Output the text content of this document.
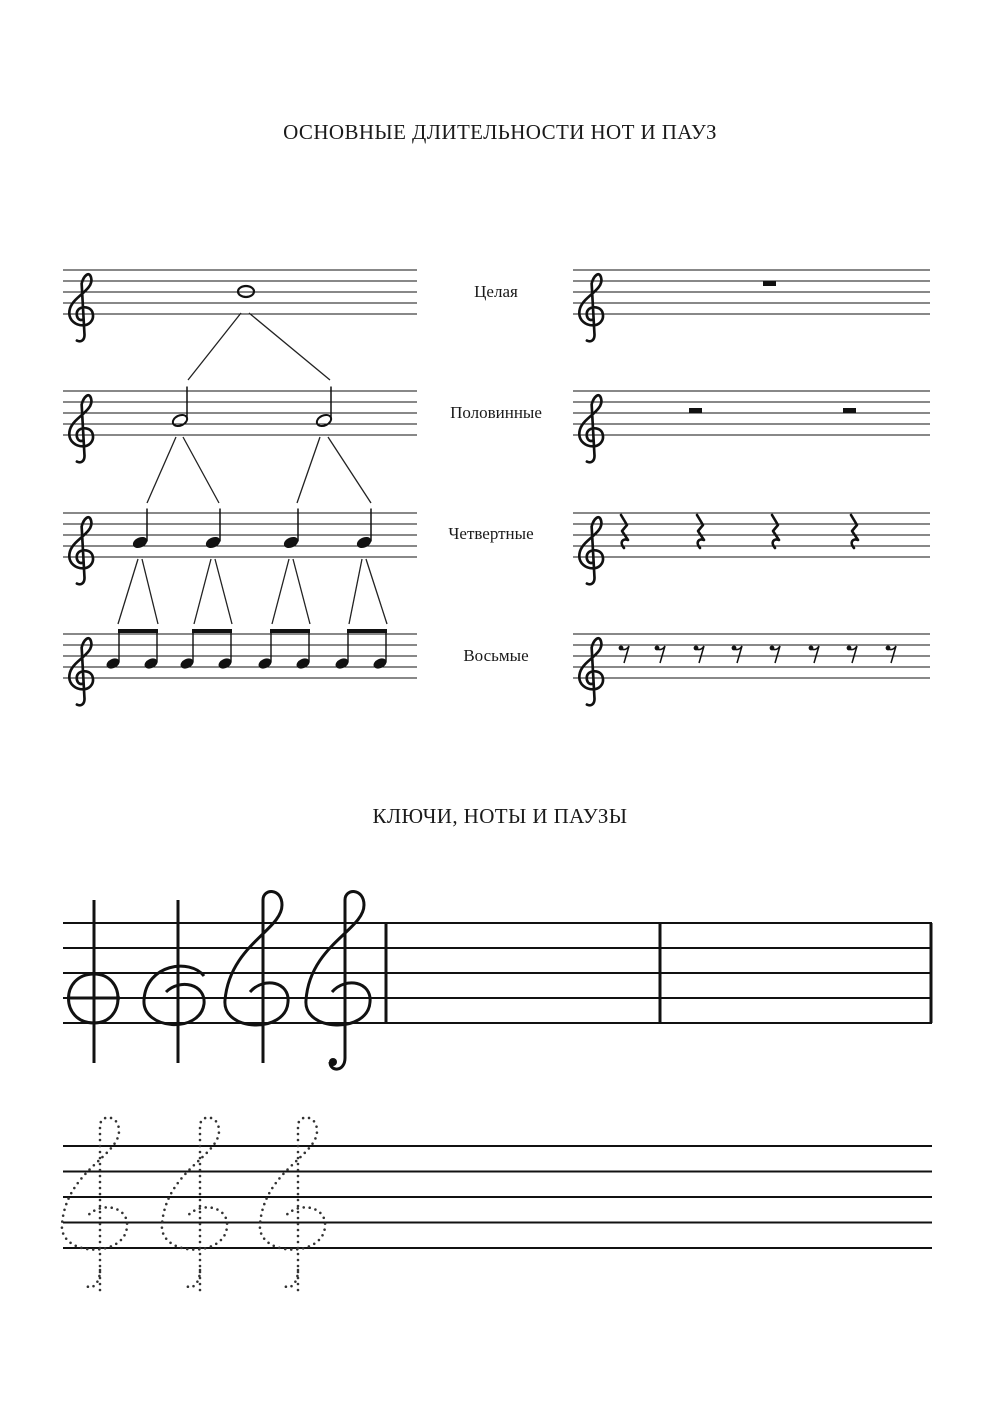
ОСНОВНЫЕ ДЛИТЕЛЬНОСТИ НОТ И ПАУЗ
КЛЮЧИ, НОТЫ И ПАУЗЫ
Целая
Половинные
Четвертные
Восьмые
